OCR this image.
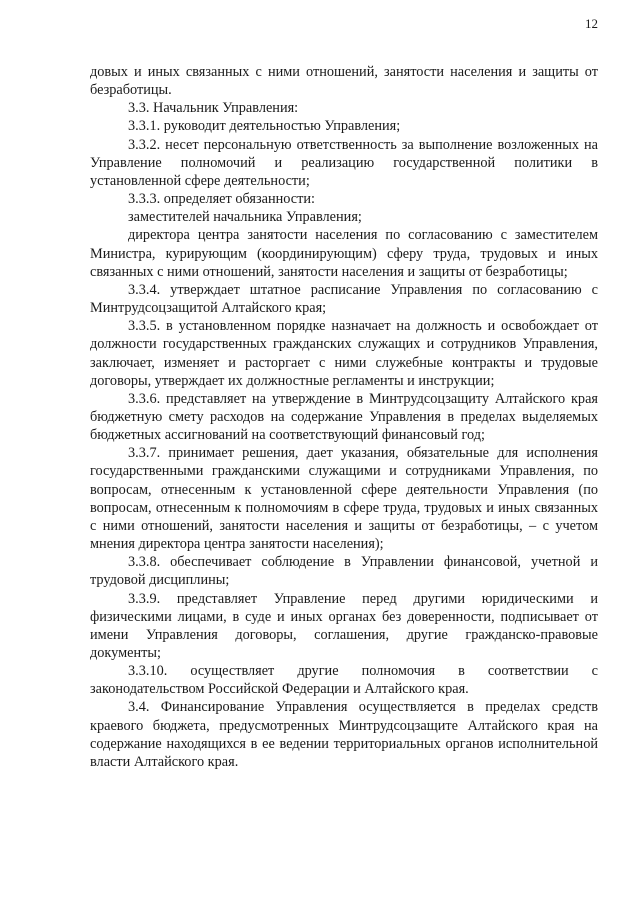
12

довых и иных связанных с ними отношений, занятости населения и защиты от безработицы.

3.3. Начальник Управления:

3.3.1. руководит деятельностью Управления;

3.3.2. несет персональную ответственность за выполнение возложенных на Управление полномочий и реализацию государственной политики в установленной сфере деятельности;

3.3.3. определяет обязанности:

заместителей начальника Управления;

директора центра занятости населения по согласованию с заместителем Министра, курирующим (координирующим) сферу труда, трудовых и иных связанных с ними отношений, занятости населения и защиты от безработицы;

3.3.4. утверждает штатное расписание Управления по согласованию с Минтрудсоцзащитой Алтайского края;

3.3.5. в установленном порядке назначает на должность и освобождает от должности государственных гражданских служащих и сотрудников Управления, заключает, изменяет и расторгает с ними служебные контракты и трудовые договоры, утверждает их должностные регламенты и инструкции;

3.3.6. представляет на утверждение в Минтрудсоцзащиту Алтайского края бюджетную смету расходов на содержание Управления в пределах выделяемых бюджетных ассигнований на соответствующий финансовый год;

3.3.7. принимает решения, дает указания, обязательные для исполнения государственными гражданскими служащими и сотрудниками Управления, по вопросам, отнесенным к установленной сфере деятельности Управления (по вопросам, отнесенным к полномочиям в сфере труда, трудовых и иных связанных с ними отношений, занятости населения и защиты от безработицы, – с учетом мнения директора центра занятости населения);

3.3.8. обеспечивает соблюдение в Управлении финансовой, учетной и трудовой дисциплины;

3.3.9. представляет Управление перед другими юридическими и физическими лицами, в суде и иных органах без доверенности, подписывает от имени Управления договоры, соглашения, другие гражданско-правовые документы;

3.3.10. осуществляет другие полномочия в соответствии с законодательством Российской Федерации и Алтайского края.

3.4. Финансирование Управления осуществляется в пределах средств краевого бюджета, предусмотренных Минтрудсоцзащите Алтайского края на содержание находящихся в ее ведении территориальных органов исполнительной власти Алтайского края.
